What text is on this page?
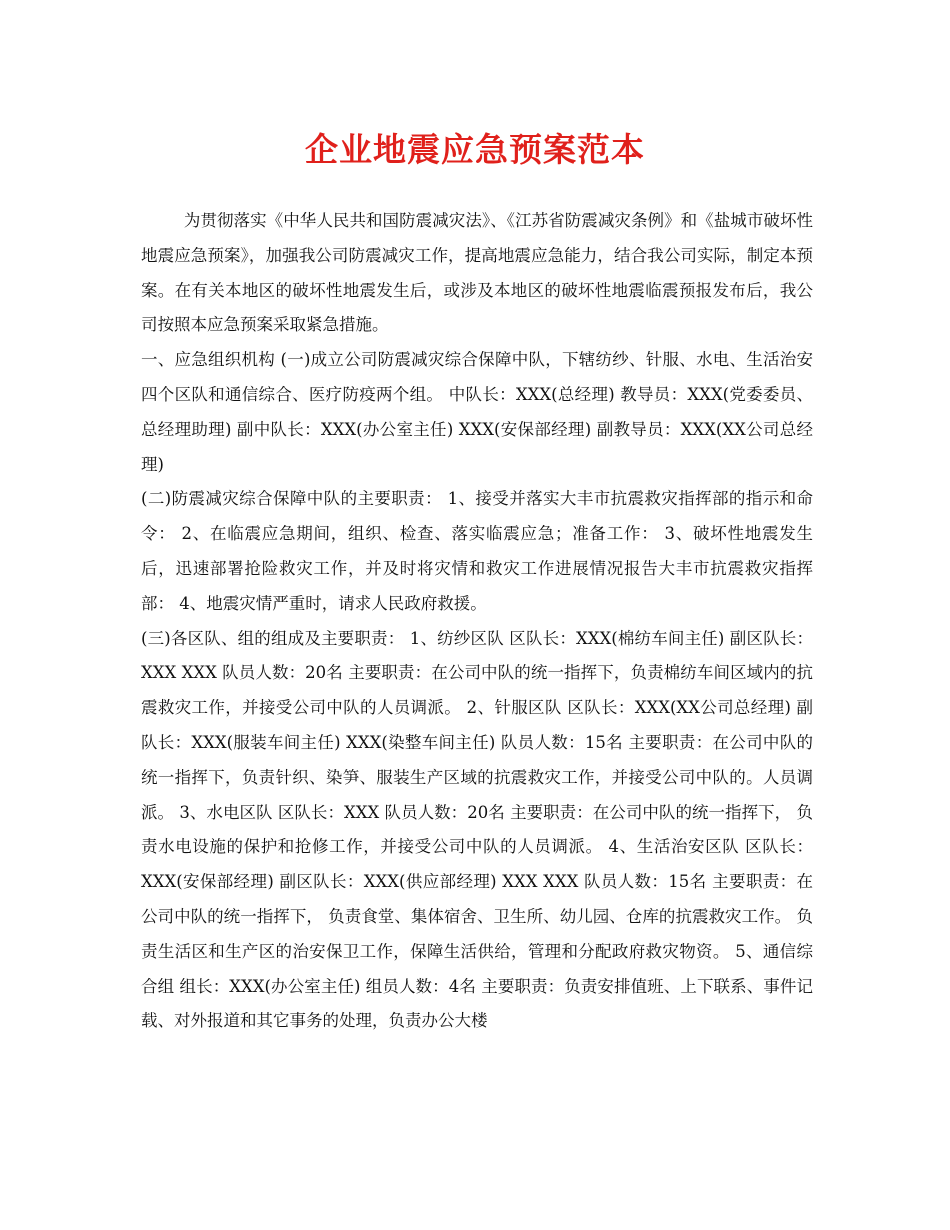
企业地震应急预案范本

为贯彻落实《中华人民共和国防震减灾法》、《江苏省防震减灾条例》和《盐城市破坏性地震应急预案》，加强我公司防震减灾工作，提高地震应急能力，结合我公司实际，制定本预案。在有关本地区的破坏性地震发生后，或涉及本地区的破坏性地震临震预报发布后，我公司按照本应急预案采取紧急措施。

一、应急组织机构 (一)成立公司防震减灾综合保障中队，下辖纺纱、针服、水电、生活治安四个区队和通信综合、医疗防疫两个组。 中队长：XXX(总经理) 教导员：XXX(党委委员、总经理助理) 副中队长：XXX(办公室主任) XXX(安保部经理) 副教导员：XXX(XX公司总经理)

(二)防震减灾综合保障中队的主要职责： 1、接受并落实大丰市抗震救灾指挥部的指示和命令： 2、在临震应急期间，组织、检查、落实临震应急；准备工作： 3、破坏性地震发生后，迅速部署抢险救灾工作，并及时将灾情和救灾工作进展情况报告大丰市抗震救灾指挥部： 4、地震灾情严重时，请求人民政府救援。

(三)各区队、组的组成及主要职责： 1、纺纱区队 区队长：XXX(棉纺车间主任) 副区队长： XXX XXX 队员人数：20名 主要职责：在公司中队的统一指挥下，负责棉纺车间区域内的抗震救灾工作，并接受公司中队的人员调派。 2、针服区队 区队长：XXX(XX公司总经理) 副队长：XXX(服装车间主任) XXX(染整车间主任) 队员人数：15名 主要职责：在公司中队的统一指挥下，负责针织、染笋、服装生产区域的抗震救灾工作，并接受公司中队的。人员调派。 3、水电区队 区队长：XXX 队员人数：20名 主要职责：在公司中队的统一指挥下， 负责水电设施的保护和抢修工作，并接受公司中队的人员调派。 4、生活治安区队 区队长：XXX(安保部经理) 副区队长：XXX(供应部经理) XXX XXX 队员人数：15名 主要职责：在公司中队的统一指挥下， 负责食堂、集体宿舍、卫生所、幼儿园、仓库的抗震救灾工作。 负责生活区和生产区的治安保卫工作，保障生活供给，管理和分配政府救灾物资。 5、通信综合组 组长：XXX(办公室主任) 组员人数：4名 主要职责：负责安排值班、上下联系、事件记载、对外报道和其它事务的处理，负责办公大楼
